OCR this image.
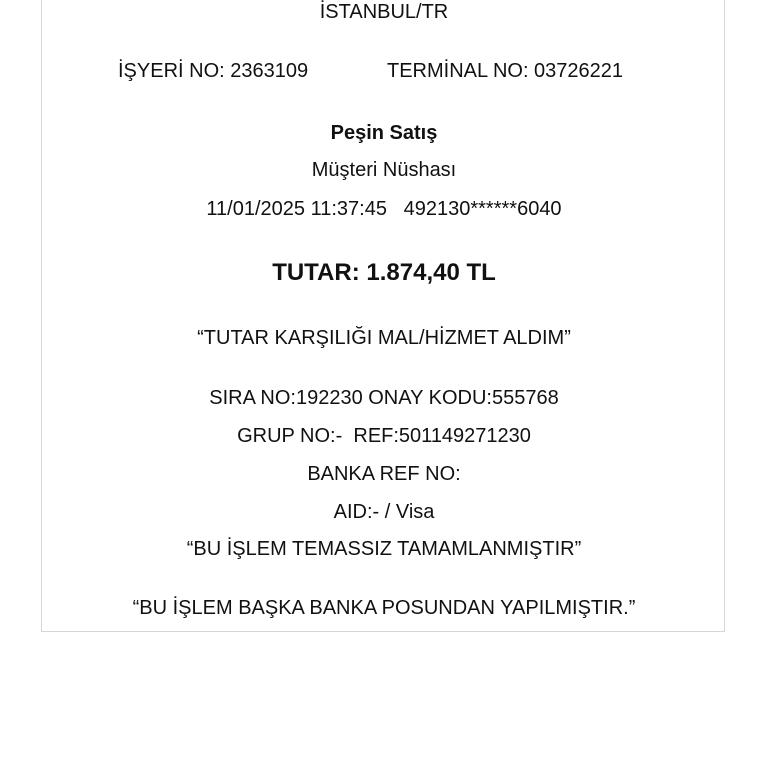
İSTANBUL/TR
İŞYERİ NO: 2363109	TERMİNAL NO: 03726221
Peşin Satış
Müşteri Nüshası
11/01/2025 11:37:45   492130******6040
TUTAR: 1.874,40 TL
“TUTAR KARŞILIĞI MAL/HİZMET ALDIM”
SIRA NO:192230 ONAY KODU:555768
GRUP NO:-  REF:501149271230
BANKA REF NO:
AID:- / Visa
“BU İŞLEM TEMASSIZ TAMAMLANMIŞTIR”
“BU İŞLEM BAŞKA BANKA POSUNDAN YAPILMIŞTIR.”
